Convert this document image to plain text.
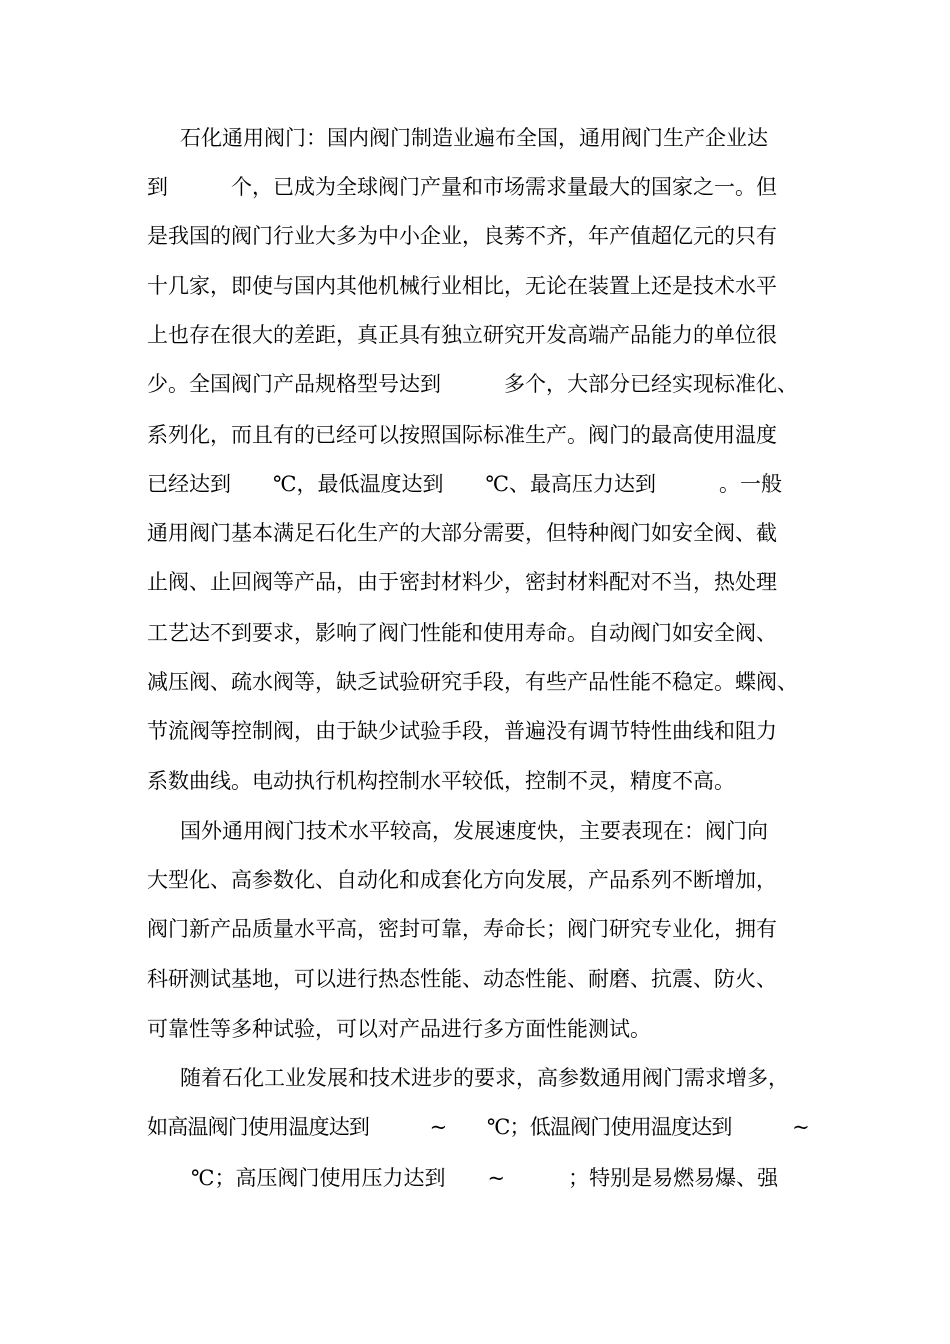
石化通用阀门：国内阀门制造业遍布全国，通用阀门生产企业达
到　　　个，已成为全球阀门产量和市场需求量最大的国家之一。但
是我国的阀门行业大多为中小企业，良莠不齐，年产值超亿元的只有
十几家，即使与国内其他机械行业相比，无论在装置上还是技术水平
上也存在很大的差距，真正具有独立研究开发高端产品能力的单位很
少。全国阀门产品规格型号达到　　　多个，大部分已经实现标准化、
系列化，而且有的已经可以按照国际标准生产。阀门的最高使用温度
已经达到　　℃，最低温度达到　　℃、最高压力达到　　　。一般
通用阀门基本满足石化生产的大部分需要，但特种阀门如安全阀、截
止阀、止回阀等产品，由于密封材料少，密封材料配对不当，热处理
工艺达不到要求，影响了阀门性能和使用寿命。自动阀门如安全阀、
减压阀、疏水阀等，缺乏试验研究手段，有些产品性能不稳定。蝶阀、
节流阀等控制阀，由于缺少试验手段，普遍没有调节特性曲线和阻力
系数曲线。电动执行机构控制水平较低，控制不灵，精度不高。
国外通用阀门技术水平较高，发展速度快，主要表现在：阀门向
大型化、高参数化、自动化和成套化方向发展，产品系列不断增加，
阀门新产品质量水平高，密封可靠，寿命长；阀门研究专业化，拥有
科研测试基地，可以进行热态性能、动态性能、耐磨、抗震、防火、
可靠性等多种试验，可以对产品进行多方面性能测试。
随着石化工业发展和技术进步的要求，高参数通用阀门需求增多，
如高温阀门使用温度达到　　　~　　℃；低温阀门使用温度达到　　　~
℃；高压阀门使用压力达到　　~　　　；特别是易燃易爆、强
